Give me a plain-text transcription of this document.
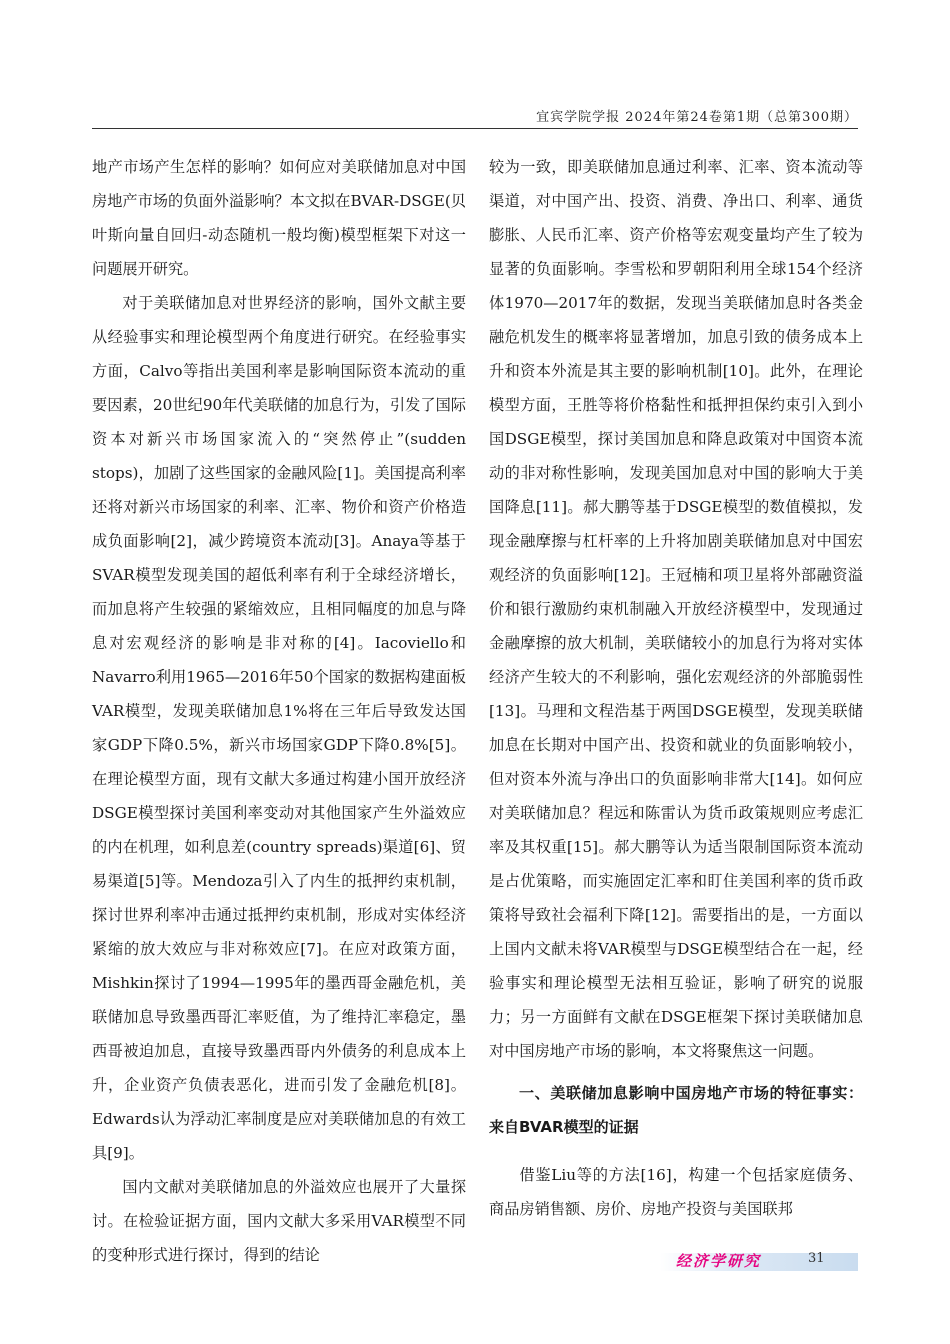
宜宾学院学报 2024年第24卷第1期（总第300期）

地产市场产生怎样的影响？如何应对美联储加息对中国房地产市场的负面外溢影响？本文拟在BVAR-DSGE(贝叶斯向量自回归-动态随机一般均衡)模型框架下对这一问题展开研究。

对于美联储加息对世界经济的影响，国外文献主要从经验事实和理论模型两个角度进行研究。在经验事实方面，Calvo等指出美国利率是影响国际资本流动的重要因素，20世纪90年代美联储的加息行为，引发了国际资本对新兴市场国家流入的“突然停止”(sudden stops)，加剧了这些国家的金融风险[1]。美国提高利率还将对新兴市场国家的利率、汇率、物价和资产价格造成负面影响[2]，减少跨境资本流动[3]。Anaya等基于SVAR模型发现美国的超低利率有利于全球经济增长，而加息将产生较强的紧缩效应，且相同幅度的加息与降息对宏观经济的影响是非对称的[4]。Iacoviello和Navarro利用1965—2016年50个国家的数据构建面板VAR模型，发现美联储加息1%将在三年后导致发达国家GDP下降0.5%，新兴市场国家GDP下降0.8%[5]。在理论模型方面，现有文献大多通过构建小国开放经济DSGE模型探讨美国利率变动对其他国家产生外溢效应的内在机理，如利息差(country spreads)渠道[6]、贸易渠道[5]等。Mendoza引入了内生的抵押约束机制，探讨世界利率冲击通过抵押约束机制，形成对实体经济紧缩的放大效应与非对称效应[7]。在应对政策方面，Mishkin探讨了1994—1995年的墨西哥金融危机，美联储加息导致墨西哥汇率贬值，为了维持汇率稳定，墨西哥被迫加息，直接导致墨西哥内外债务的利息成本上升，企业资产负债表恶化，进而引发了金融危机[8]。Edwards认为浮动汇率制度是应对美联储加息的有效工具[9]。

国内文献对美联储加息的外溢效应也展开了大量探讨。在检验证据方面，国内文献大多采用VAR模型不同的变种形式进行探讨，得到的结论

较为一致，即美联储加息通过利率、汇率、资本流动等渠道，对中国产出、投资、消费、净出口、利率、通货膨胀、人民币汇率、资产价格等宏观变量均产生了较为显著的负面影响。李雪松和罗朝阳利用全球154个经济体1970—2017年的数据，发现当美联储加息时各类金融危机发生的概率将显著增加，加息引致的债务成本上升和资本外流是其主要的影响机制[10]。此外，在理论模型方面，王胜等将价格黏性和抵押担保约束引入到小国DSGE模型，探讨美国加息和降息政策对中国资本流动的非对称性影响，发现美国加息对中国的影响大于美国降息[11]。郝大鹏等基于DSGE模型的数值模拟，发现金融摩擦与杠杆率的上升将加剧美联储加息对中国宏观经济的负面影响[12]。王冠楠和项卫星将外部融资溢价和银行激励约束机制融入开放经济模型中，发现通过金融摩擦的放大机制，美联储较小的加息行为将对实体经济产生较大的不利影响，强化宏观经济的外部脆弱性[13]。马理和文程浩基于两国DSGE模型，发现美联储加息在长期对中国产出、投资和就业的负面影响较小，但对资本外流与净出口的负面影响非常大[14]。如何应对美联储加息？程远和陈雷认为货币政策规则应考虑汇率及其权重[15]。郝大鹏等认为适当限制国际资本流动是占优策略，而实施固定汇率和盯住美国利率的货币政策将导致社会福利下降[12]。需要指出的是，一方面以上国内文献未将VAR模型与DSGE模型结合在一起，经验事实和理论模型无法相互验证，影响了研究的说服力；另一方面鲜有文献在DSGE框架下探讨美联储加息对中国房地产市场的影响，本文将聚焦这一问题。

一、美联储加息影响中国房地产市场的特征事实：来自BVAR模型的证据

借鉴Liu等的方法[16]，构建一个包括家庭债务、商品房销售额、房价、房地产投资与美国联邦

经济学研究	31
